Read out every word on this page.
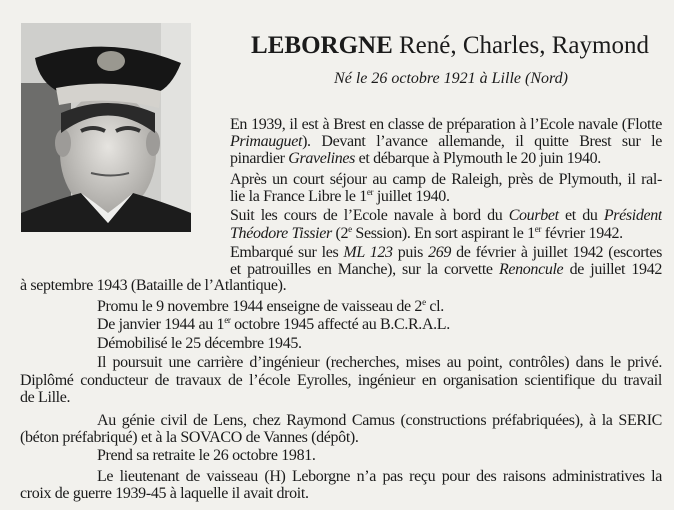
LEBORGNE René, Charles, Raymond
Né le 26 octobre 1921 à Lille (Nord)
En 1939, il est à Brest en classe de préparation à l’Ecole navale (Flotte
Primauguet). Devant l’avance allemande, il quitte Brest sur le
pinardier Gravelines et débarque à Plymouth le 20 juin 1940.
Après un court séjour au camp de Raleigh, près de Plymouth, il ral-
lie la France Libre le 1er juillet 1940.
Suit les cours de l’Ecole navale à bord du Courbet et du Président
Théodore Tissier (2e Session). En sort aspirant le 1er février 1942.
Embarqué sur les ML 123 puis 269 de février à juillet 1942 (escortes
et patrouilles en Manche), sur la corvette Renoncule de juillet 1942
à septembre 1943 (Bataille de l’Atlantique).
Promu le 9 novembre 1944 enseigne de vaisseau de 2e cl.
De janvier 1944 au 1er octobre 1945 affecté au B.C.R.A.L.
Démobilisé le 25 décembre 1945.
Il poursuit une carrière d’ingénieur (recherches, mises au point, contrôles) dans le privé.
Diplômé conducteur de travaux de l’école Eyrolles, ingénieur en organisation scientifique du travail
de Lille.
Au génie civil de Lens, chez Raymond Camus (constructions préfabriquées), à la SERIC
(béton préfabriqué) et à la SOVACO de Vannes (dépôt).
Prend sa retraite le 26 octobre 1981.
Le lieutenant de vaisseau (H) Leborgne n’a pas reçu pour des raisons administratives la
croix de guerre 1939-45 à laquelle il avait droit.
